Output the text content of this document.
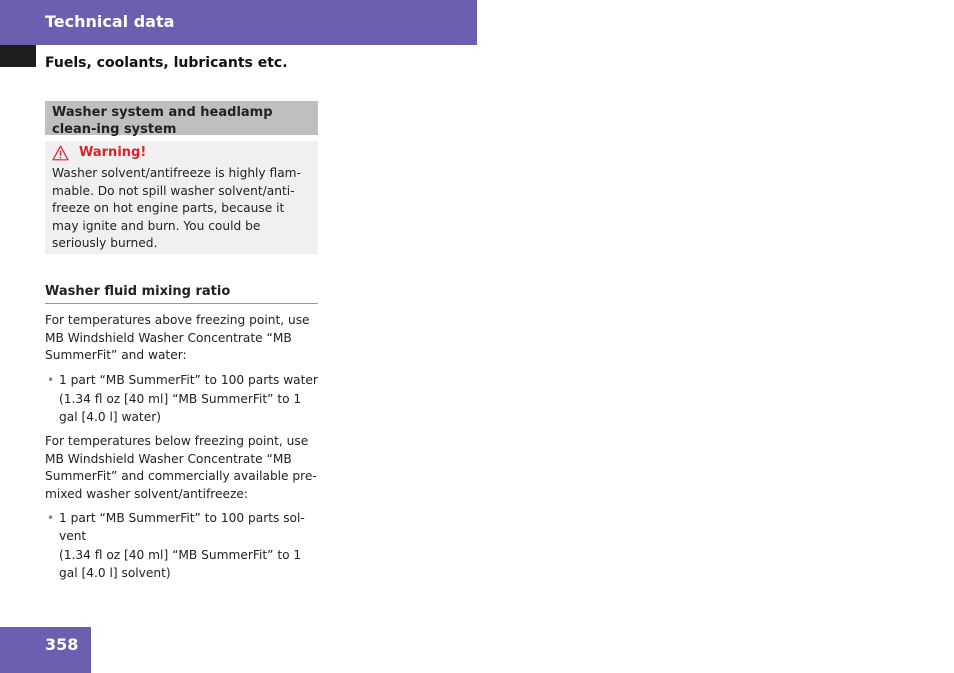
Technical data
Fuels, coolants, lubricants etc.
Washer system and headlamp clean-ing system
Warning!
Washer solvent/antifreeze is highly flam-mable. Do not spill washer solvent/anti-freeze on hot engine parts, because it may ignite and burn. You could be seriously burned.
Washer fluid mixing ratio
For temperatures above freezing point, use MB Windshield Washer Concentrate “MB SummerFit” and water:
• 1 part “MB SummerFit” to 100 parts water
(1.34 fl oz [40 ml] “MB SummerFit” to 1 gal [4.0 l] water)
For temperatures below freezing point, use MB Windshield Washer Concentrate “MB SummerFit” and commercially available pre-mixed washer solvent/antifreeze:
• 1 part “MB SummerFit” to 100 parts sol-vent
(1.34 fl oz [40 ml] “MB SummerFit” to 1 gal [4.0 l] solvent)
358
